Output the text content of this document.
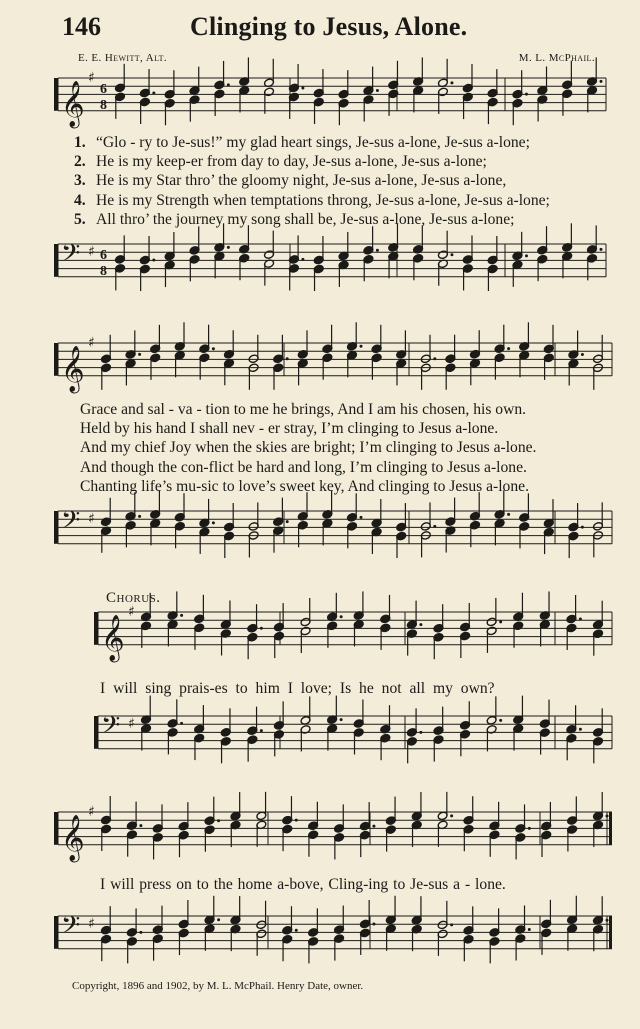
146	Clinging to Jesus, Alone.
E. E. Hewitt, Alt.	M. L. McPhail.
𝄞
♯
6
8
𝄢 ♯ 6
8
𝄞
♯
𝄢 ♯
𝄞
♯
𝄢 ♯
𝄞
♯
𝄢 ♯
1. “Glo - ry to Je-sus!” my glad heart sings, Je-sus a-lone, Je-sus a-lone;
2. He is my keep-er from day to day, Je-sus a-lone, Je-sus a-lone;
3. He is my Star thro’ the gloomy night, Je-sus a-lone, Je-sus a-lone,
4. He is my Strength when temptations throng, Je-sus a-lone, Je-sus a-lone;
5. All thro’ the journey my song shall be, Je-sus a-lone, Je-sus a-lone;
Grace and sal - va - tion to me he brings, And I am his chosen, his own.
Held by his hand I shall nev - er stray, I’m clinging to Jesus a-lone.
And my chief Joy when the skies are bright; I’m clinging to Jesus a-lone.
And though the con-flict be hard and long, I’m clinging to Jesus a-lone.
Chanting life’s mu-sic to love’s sweet key, And clinging to Jesus a-lone.
Chorus.
I will sing prais-es to him I love; Is he not all my own?
I will press on to the home a-bove, Cling-ing to Je-sus a - lone.
Copyright, 1896 and 1902, by M. L. McPhail. Henry Date, owner.
